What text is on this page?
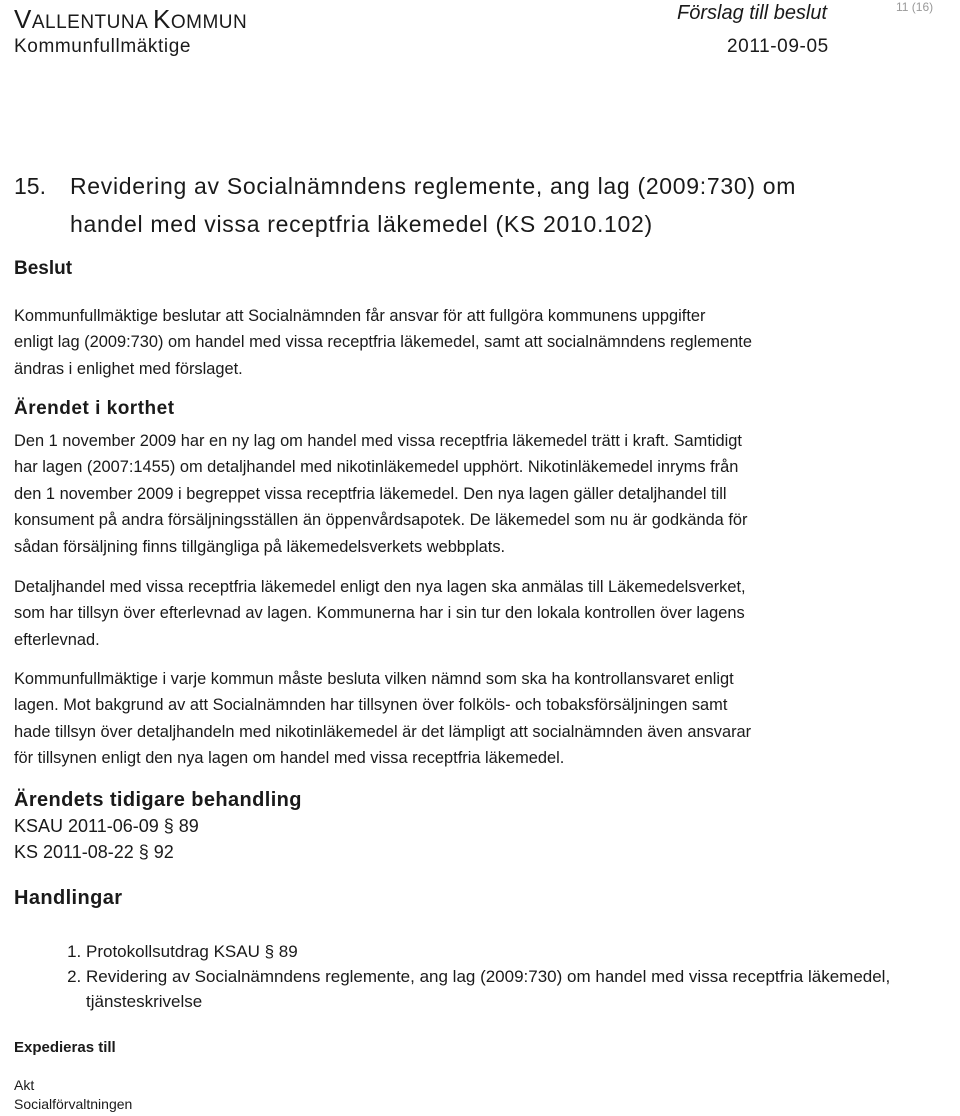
VALLENTUNA KOMMUN	Förslag till beslut	11 (16)
Kommunfullmäktige	2011-09-05
15. Revidering av Socialnämndens reglemente, ang lag (2009:730) om
handel med vissa receptfria läkemedel (KS 2010.102)
Beslut

Kommunfullmäktige beslutar att Socialnämnden får ansvar för att fullgöra kommunens uppgifter

enligt lag (2009:730) om handel med vissa receptfria läkemedel, samt att socialnämndens reglemente

ändras i enlighet med förslaget.

Ärendet i korthet

Den 1 november 2009 har en ny lag om handel med vissa receptfria läkemedel trätt i kraft. Samtidigt

har lagen (2007:1455) om detaljhandel med nikotinläkemedel upphört. Nikotinläkemedel inryms från

den 1 november 2009 i begreppet vissa receptfria läkemedel. Den nya lagen gäller detaljhandel till

konsument på andra försäljningsställen än öppenvårdsapotek. De läkemedel som nu är godkända för

sådan försäljning finns tillgängliga på läkemedelsverkets webbplats.

Detaljhandel med vissa receptfria läkemedel enligt den nya lagen ska anmälas till Läkemedelsverket,

som har tillsyn över efterlevnad av lagen. Kommunerna har i sin tur den lokala kontrollen över lagens

efterlevnad.

Kommunfullmäktige i varje kommun måste besluta vilken nämnd som ska ha kontrollansvaret enligt

lagen. Mot bakgrund av att Socialnämnden har tillsynen över folköls- och tobaksförsäljningen samt

hade tillsyn över detaljhandeln med nikotinläkemedel är det lämpligt att socialnämnden även ansvarar

för tillsynen enligt den nya lagen om handel med vissa receptfria läkemedel.

Ärendets tidigare behandling
KSAU 2011-06-09 § 89
KS 2011-08-22 § 92
Handlingar
1. Protokollsutdrag KSAU § 89
2. Revidering av Socialnämndens reglemente, ang lag (2009:730) om handel med vissa receptfria läkemedel, tjänsteskrivelse
Expedieras till
Akt
Socialförvaltningen
